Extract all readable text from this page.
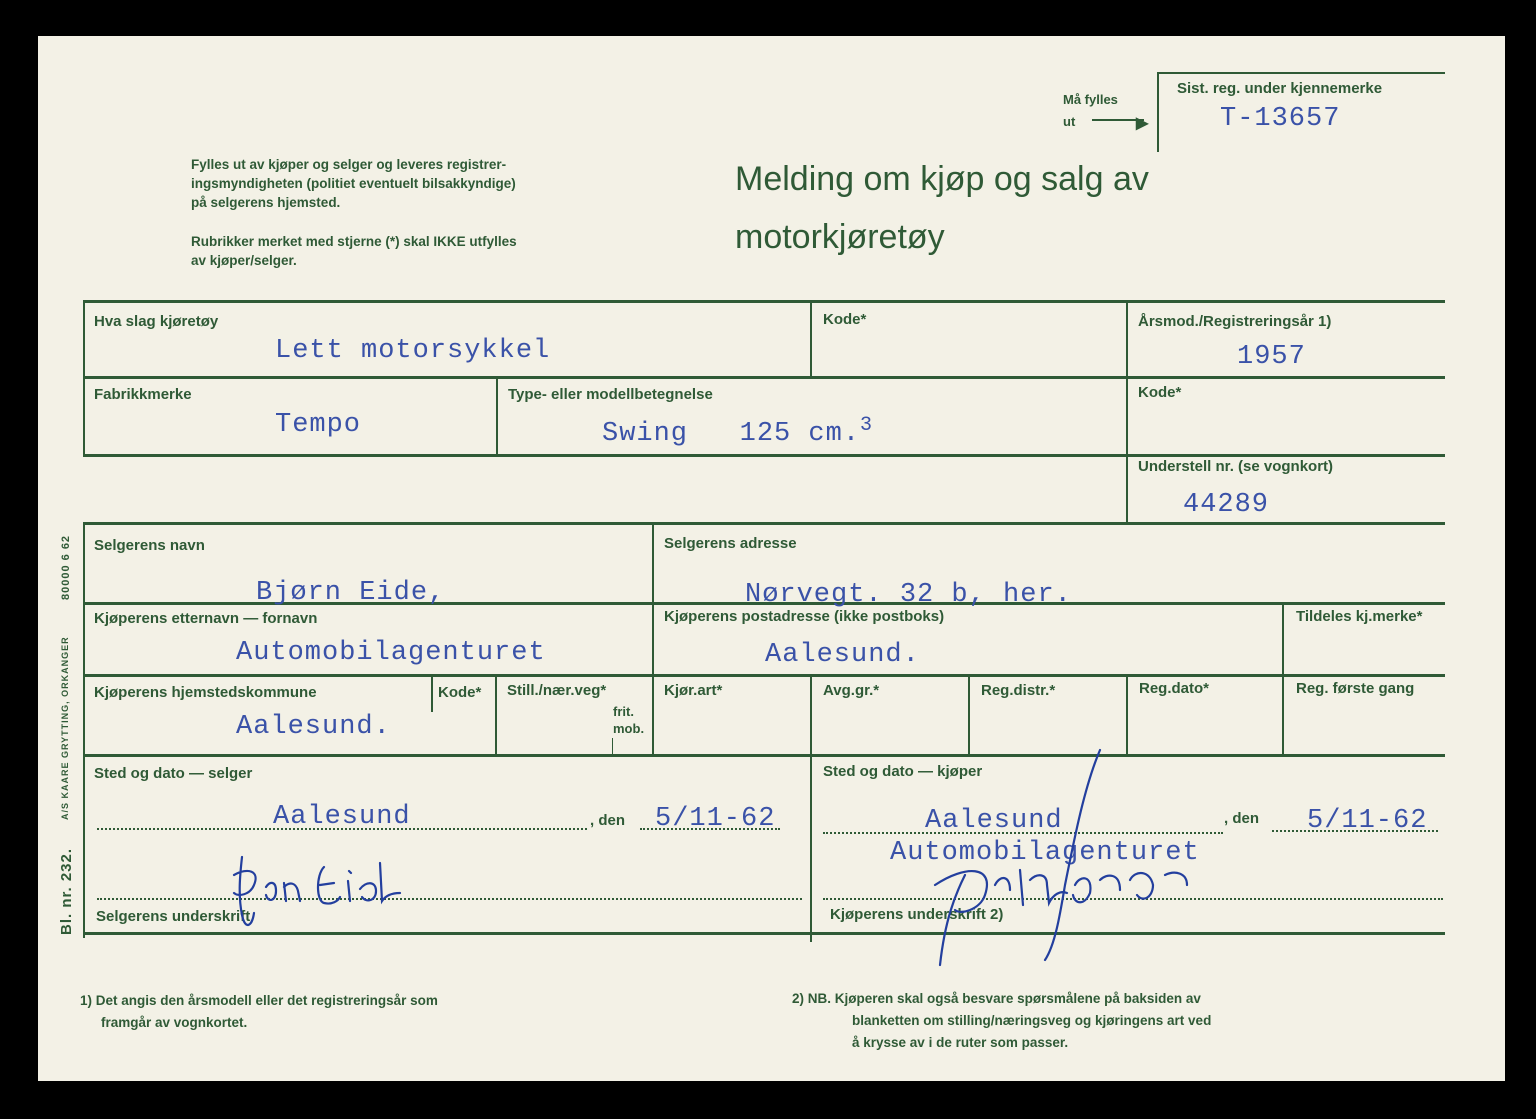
Må fylles
ut	▶
Sist. reg. under kjennemerke
T-13657
Fylles ut av kjøper og selger og leveres registrer-
ingsmyndigheten (politiet eventuelt bilsakkyndige)
på selgerens hjemsted.
Rubrikker merket med stjerne (*) skal IKKE utfylles
av kjøper/selger.
Melding om kjøp og salg av
motorkjøretøy
Hva slag kjøretøy
Lett motorsykkel
Kode*	Årsmod./Registreringsår 1)
1957
Fabrikkmerke
Tempo
Type- eller modellbetegnelse
Swing   125 cm.$^3$
Kode*
Understell nr. (se vognkort)
44289
Selgerens navn
Bjørn Eide,
Selgerens adresse
Nørvegt. 32 b, her.
Kjøperens etternavn — fornavn
Automobilagenturet
Kjøperens postadresse (ikke postboks)
Aalesund.
Tildeles kj.merke*
Kjøperens hjemstedskommune
Aalesund.
Kode* Still./nær.veg*
frit.
mob.
Kjør.art*	Avg.gr.*	Reg.distr.*	Reg.dato*	Reg. første gang
Sted og dato — selger
Aalesund	, den 5/11-62
Selgerens underskrift
Sted og dato — kjøper
Aalesund
Automobilagenturet
, den 5/11-62
Kjøperens underskrift 2)
80000 6 62
A/S KAARE GRYTTING, ORKANGER
Bl. nr. 232.
1) Det angis den årsmodell eller det registreringsår som
framgår av vognkortet.
2) NB. Kjøperen skal også besvare spørsmålene på baksiden av
blanketten om stilling/næringsveg og kjøringens art ved
å krysse av i de ruter som passer.
